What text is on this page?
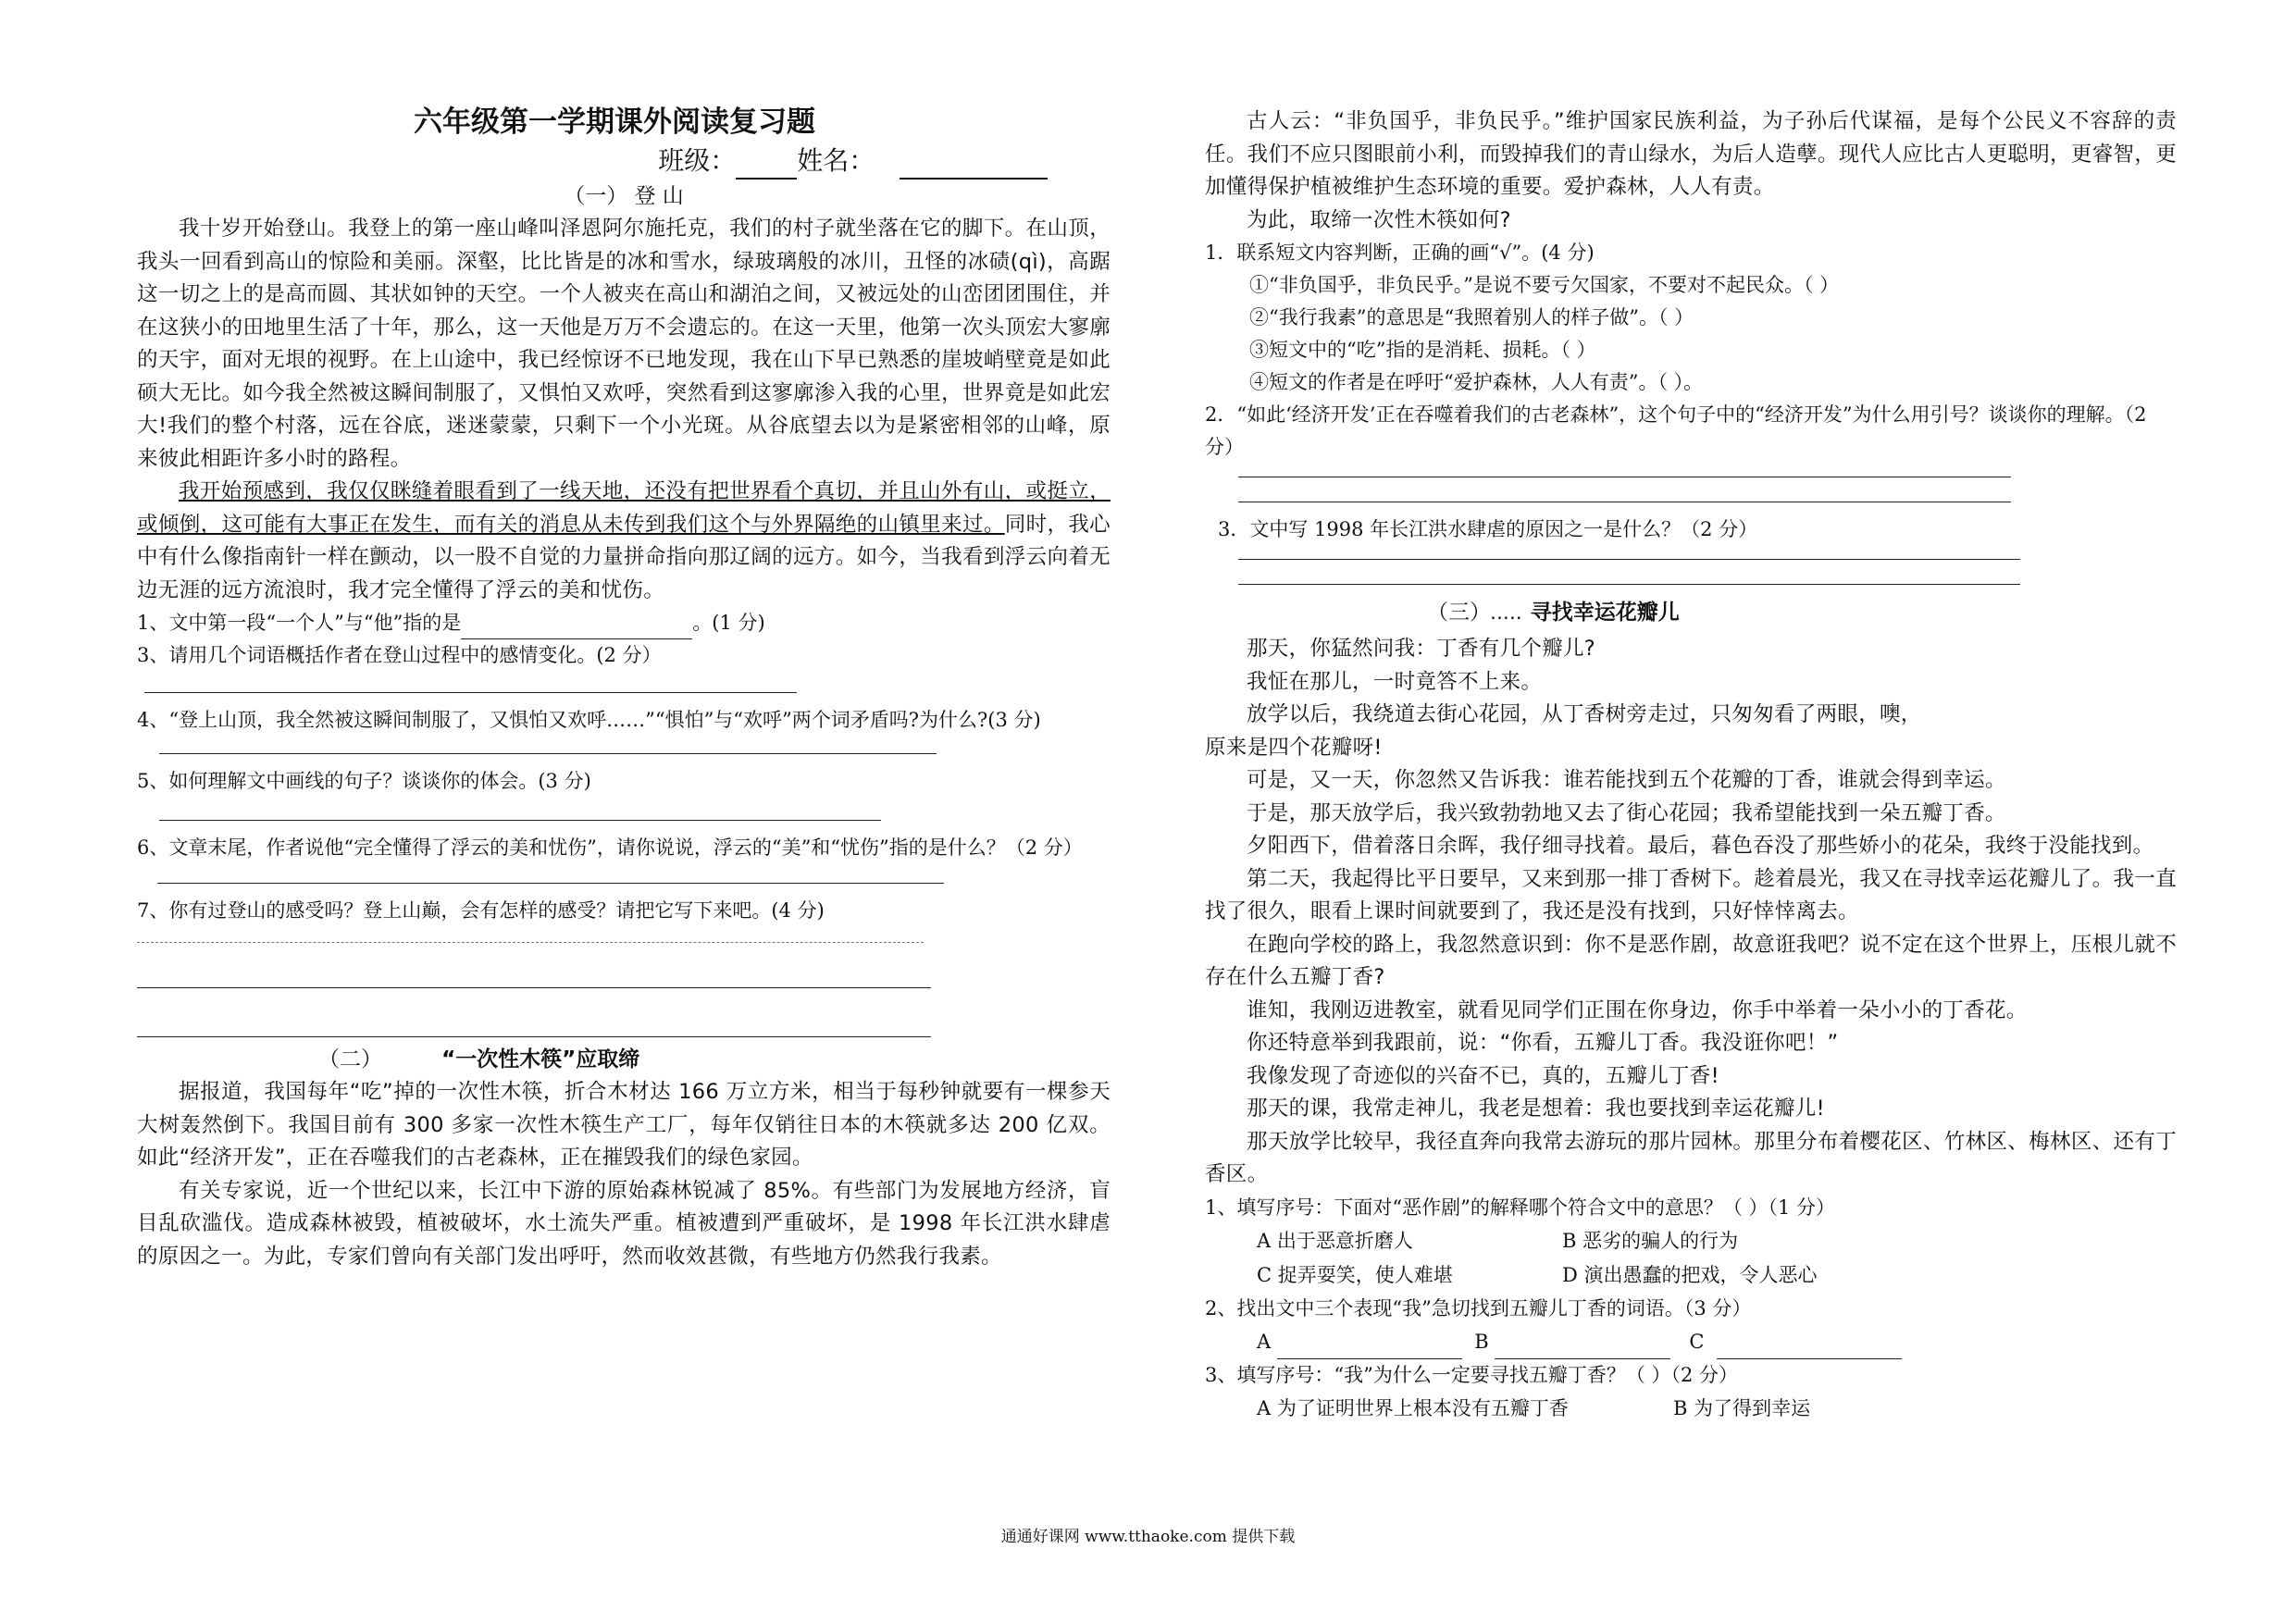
六年级第一学期课外阅读复习题
班级： 姓名：
（一） 登 山

我十岁开始登山。我登上的第一座山峰叫泽恩阿尔施托克，我们的村子就坐落在它的脚下。在山顶，我头一回看到高山的惊险和美丽。深壑，比比皆是的冰和雪水，绿玻璃般的冰川，丑怪的冰碛(qì)，高踞这一切之上的是高而圆、其状如钟的天空。一个人被夹在高山和湖泊之间，又被远处的山峦团团围住，并在这狭小的田地里生活了十年，那么，这一天他是万万不会遗忘的。在这一天里，他第一次头顶宏大寥廓的天宇，面对无垠的视野。在上山途中，我已经惊讶不已地发现，我在山下早已熟悉的崖坡峭壁竟是如此硕大无比。如今我全然被这瞬间制服了，又惧怕又欢呼，突然看到这寥廓渗入我的心里，世界竟是如此宏大!我们的整个村落，远在谷底，迷迷蒙蒙，只剩下一个小光斑。从谷底望去以为是紧密相邻的山峰，原来彼此相距许多小时的路程。

我开始预感到，我仅仅眯缝着眼看到了一线天地，还没有把世界看个真切，并且山外有山，或挺立，或倾倒，这可能有大事正在发生，而有关的消息从未传到我们这个与外界隔绝的山镇里来过。同时，我心中有什么像指南针一样在颤动，以一股不自觉的力量拼命指向那辽阔的远方。如今，当我看到浮云向着无边无涯的远方流浪时，我才完全懂得了浮云的美和忧伤。

1、文中第一段“一个人”与“他”指的是	。(1 分)
3、请用几个词语概括作者在登山过程中的感情变化。(2 分）
4、“登上山顶，我全然被这瞬间制服了，又惧怕又欢呼……”“惧怕”与“欢呼”两个词矛盾吗?为什么?(3 分)
5、如何理解文中画线的句子？谈谈你的体会。(3 分)
6、文章末尾，作者说他“完全懂得了浮云的美和忧伤”，请你说说，浮云的“美”和“忧伤”指的是什么？（2 分）
7、你有过登山的感受吗？登上山巅，会有怎样的感受？请把它写下来吧。(4 分)
（二）	“一次性木筷”应取缔

据报道，我国每年“吃”掉的一次性木筷，折合木材达 166 万立方米，相当于每秒钟就要有一棵参天大树轰然倒下。我国目前有 300 多家一次性木筷生产工厂，每年仅销往日本的木筷就多达 200 亿双。如此“经济开发”，正在吞噬我们的古老森林，正在摧毁我们的绿色家园。

有关专家说，近一个世纪以来，长江中下游的原始森林锐减了 85%。有些部门为发展地方经济，盲目乱砍滥伐。造成森林被毁，植被破坏，水土流失严重。植被遭到严重破坏，是 1998 年长江洪水肆虐的原因之一。为此，专家们曾向有关部门发出呼吁，然而收效甚微，有些地方仍然我行我素。

古人云：“非负国乎，非负民乎。”维护国家民族利益，为子孙后代谋福，是每个公民义不容辞的责任。我们不应只图眼前小利，而毁掉我们的青山绿水，为后人造孽。现代人应比古人更聪明，更睿智，更加懂得保护植被维护生态环境的重要。爱护森林，人人有责。

为此，取缔一次性木筷如何?

1．联系短文内容判断，正确的画“√”。(4 分)
①“非负国乎，非负民乎。”是说不要亏欠国家，不要对不起民众。（ ）
②“我行我素”的意思是“我照着别人的样子做”。（ ）
③短文中的“吃”指的是消耗、损耗。（ ）
④短文的作者是在呼吁“爱护森林，人人有责”。（ ）。
2．“如此‘经济开发’正在吞噬着我们的古老森林”，这个句子中的“经济开发”为什么用引号？谈谈你的理解。（2 分）
3．文中写 1998 年长江洪水肆虐的原因之一是什么？（2 分）
（三）..... 寻找幸运花瓣儿

那天，你猛然问我：丁香有几个瓣儿?

我怔在那儿，一时竟答不上来。

放学以后，我绕道去街心花园，从丁香树旁走过，只匆匆看了两眼，噢，

原来是四个花瓣呀!

可是，又一天，你忽然又告诉我：谁若能找到五个花瓣的丁香，谁就会得到幸运。

于是，那天放学后，我兴致勃勃地又去了街心花园；我希望能找到一朵五瓣丁香。

夕阳西下，借着落日余晖，我仔细寻找着。最后，暮色吞没了那些娇小的花朵，我终于没能找到。

第二天，我起得比平日要早，又来到那一排丁香树下。趁着晨光，我又在寻找幸运花瓣儿了。我一直找了很久，眼看上课时间就要到了，我还是没有找到，只好悻悻离去。

在跑向学校的路上，我忽然意识到：你不是恶作剧，故意诳我吧？说不定在这个世界上，压根儿就不存在什么五瓣丁香?

谁知，我刚迈进教室，就看见同学们正围在你身边，你手中举着一朵小小的丁香花。

你还特意举到我跟前，说：“你看，五瓣儿丁香。我没诳你吧！”

我像发现了奇迹似的兴奋不已，真的，五瓣儿丁香!

那天的课，我常走神儿，我老是想着：我也要找到幸运花瓣儿!

那天放学比较早，我径直奔向我常去游玩的那片园林。那里分布着樱花区、竹林区、梅林区、还有丁香区。

1、填写序号：下面对“恶作剧”的解释哪个符合文中的意思？（ ）（1 分）
A 出于恶意折磨人	B 恶劣的骗人的行为
C 捉弄耍笑，使人难堪	D 演出愚蠢的把戏，令人恶心
2、找出文中三个表现“我”急切找到五瓣儿丁香的词语。（3 分）
A	B	C
3、填写序号：“我”为什么一定要寻找五瓣丁香？（ ）（2 分）
A 为了证明世界上根本没有五瓣丁香	B 为了得到幸运
通通好课网 www.tthaoke.com 提供下载
